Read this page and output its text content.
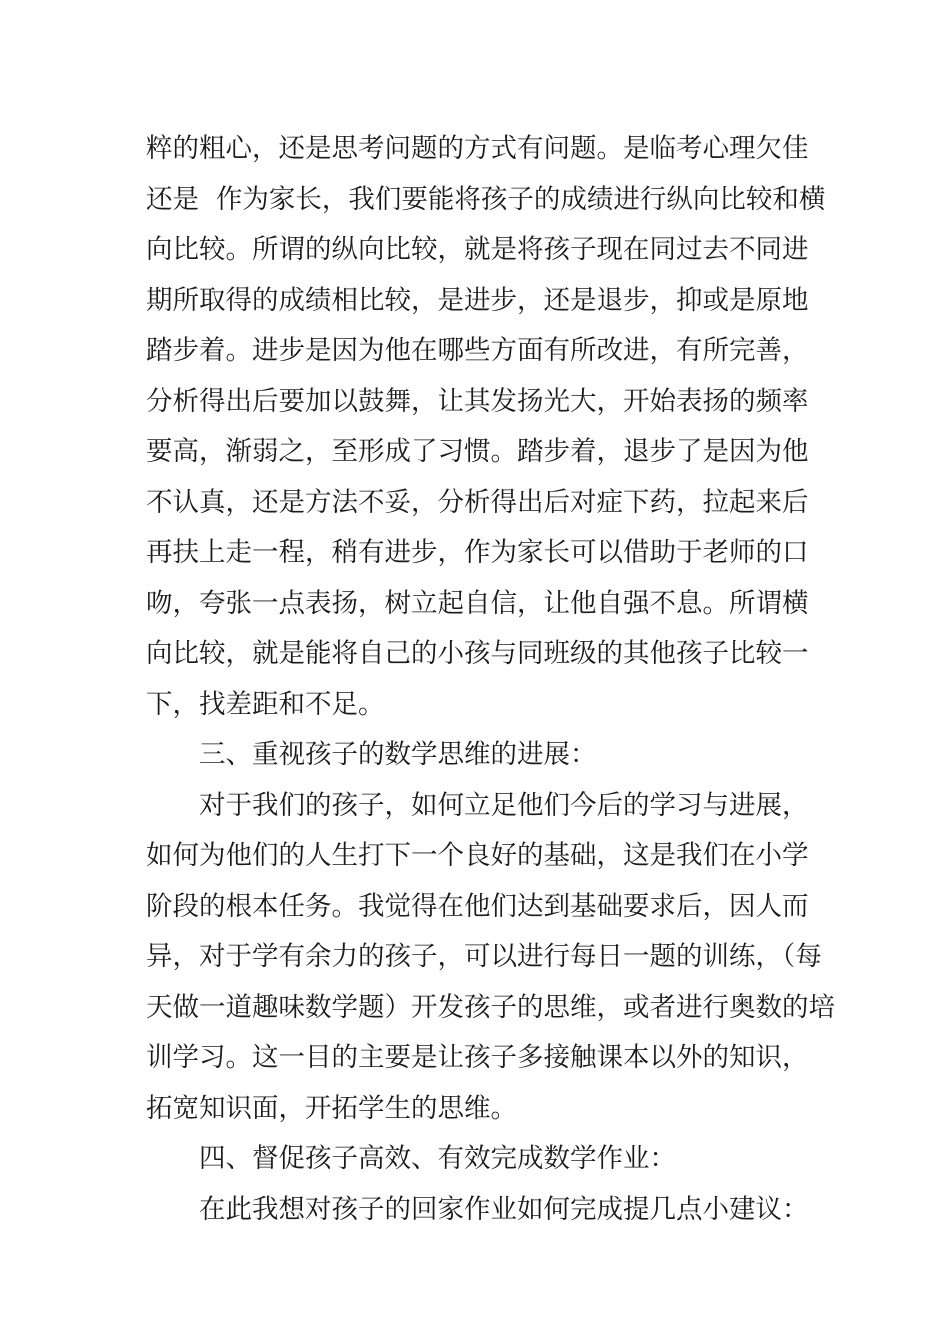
粹的粗心，还是思考问题的方式有问题。是临考心理欠佳
还是  作为家长，我们要能将孩子的成绩进行纵向比较和横
向比较。所谓的纵向比较，就是将孩子现在同过去不同进
期所取得的成绩相比较，是进步，还是退步，抑或是原地
踏步着。进步是因为他在哪些方面有所改进，有所完善，
分析得出后要加以鼓舞，让其发扬光大，开始表扬的频率
要高，渐弱之，至形成了习惯。踏步着，退步了是因为他
不认真，还是方法不妥，分析得出后对症下药，拉起来后
再扶上走一程，稍有进步，作为家长可以借助于老师的口
吻，夸张一点表扬，树立起自信，让他自强不息。所谓横
向比较，就是能将自己的小孩与同班级的其他孩子比较一
下，找差距和不足。
三、重视孩子的数学思维的进展：
对于我们的孩子，如何立足他们今后的学习与进展，
如何为他们的人生打下一个良好的基础，这是我们在小学
阶段的根本任务。我觉得在他们达到基础要求后，因人而
异，对于学有余力的孩子，可以进行每日一题的训练，（每
天做一道趣味数学题）开发孩子的思维，或者进行奥数的培
训学习。这一目的主要是让孩子多接触课本以外的知识，
拓宽知识面，开拓学生的思维。
四、督促孩子高效、有效完成数学作业：
在此我想对孩子的回家作业如何完成提几点小建议：
